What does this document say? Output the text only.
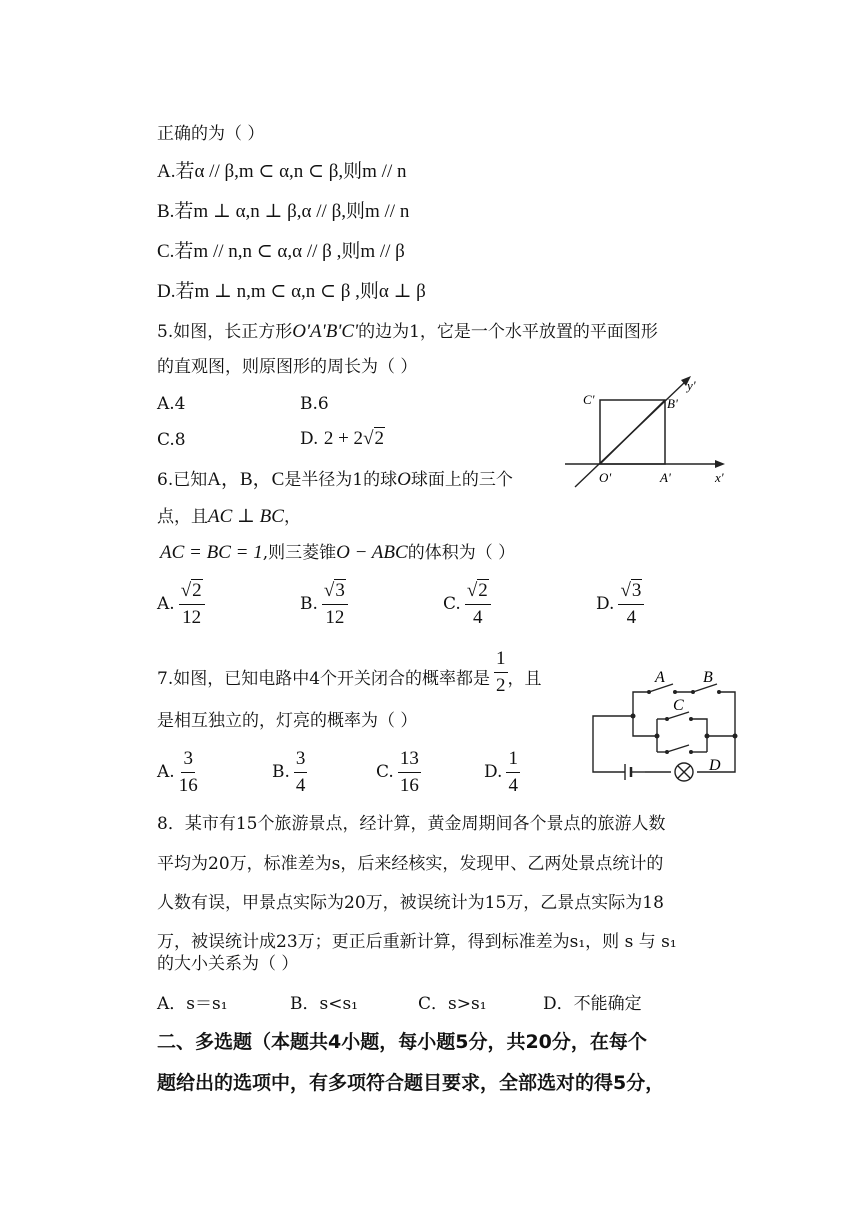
正确的为（ ）
A.若α // β,m ⊂ α,n ⊂ β,则m // n
B.若m ⊥ α,n ⊥ β,α // β,则m // n
C.若m // n,n ⊂ α,α // β ,则m // β
D.若m ⊥ n,m ⊂ α,n ⊂ β ,则α ⊥ β
5.如图，长正方形O'A'B'C'的边为1，它是一个水平放置的平面图形
的直观图，则原图形的周长为（ ）
A.4	B.6
C.8	D. 2 + 2√2
C'	B'
O'	A'	x'
y'
6.已知A，B，C是半径为1的球O球面上的三个
点，且AC ⊥ BC，
AC = BC = 1,则三菱锥O − ABC的体积为（ ）
A. $\frac{√2}{12}$	B. $\frac{√3}{12}$	C. $\frac{√2}{4}$	D. $\frac{√3}{4}$
7.如图，已知电路中4个开关闭合的概率都是 $\frac{1}{2}$ ，且
是相互独立的，灯亮的概率为（ ）
A. $\frac{3}{16}$	B. $\frac{3}{4}$	C. $\frac{13}{16}$	D. $\frac{1}{4}$
A B
C
D
8．某市有15个旅游景点，经计算，黄金周期间各个景点的旅游人数
平均为20万，标准差为s，后来经核实，发现甲、乙两处景点统计的
人数有误，甲景点实际为20万，被误统计为15万，乙景点实际为18
万，被误统计成23万；更正后重新计算，得到标准差为s₁，则 s 与 s₁
的大小关系为（ ）
A．s＝s₁	B．s<s₁	C．s>s₁	D．不能确定
二、多选题（本题共4小题，每小题5分，共20分，在每个
题给出的选项中，有多项符合题目要求，全部选对的得5分，
